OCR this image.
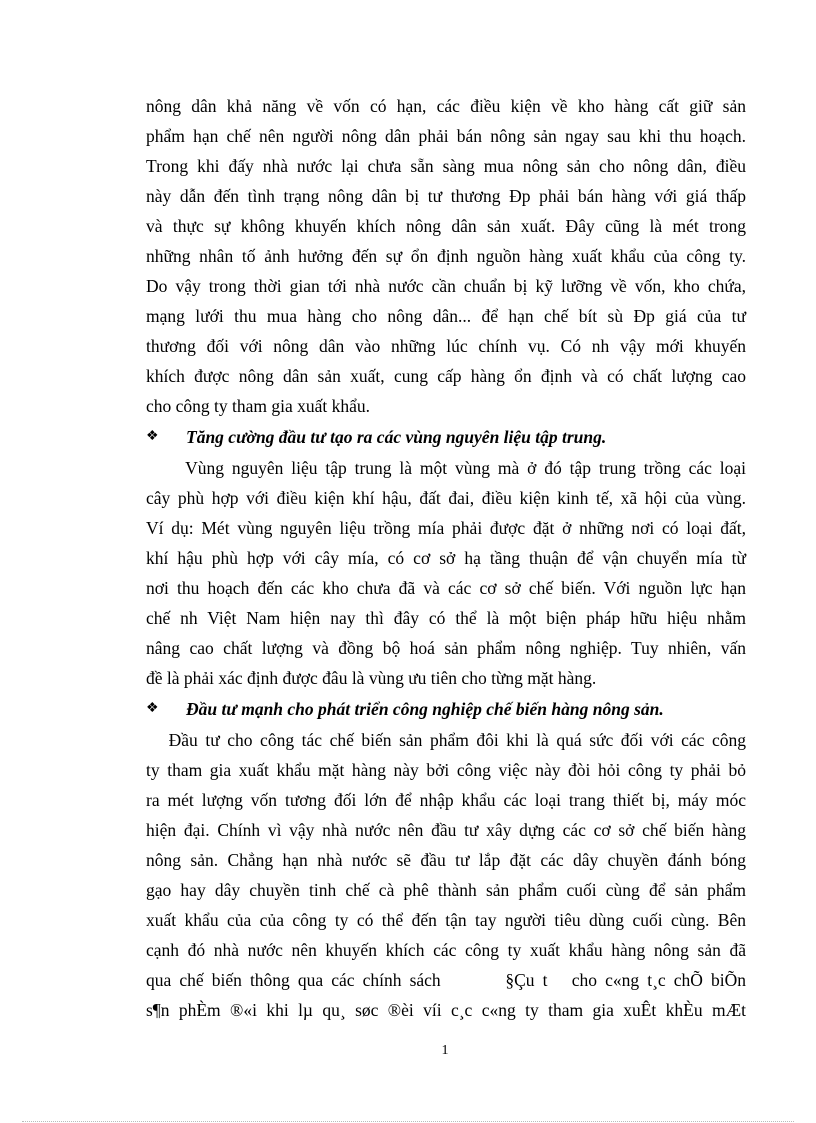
nông dân khả năng về vốn có hạn, các điều kiện về kho hàng cất giữ sản
phẩm hạn chế nên người nông dân phải bán nông sản ngay sau khi thu hoạch.
Trong khi đấy nhà nước lại chưa sẵn sàng mua nông sản cho nông dân, điều
này dẫn đến tình trạng nông dân bị tư thương Ðp phải bán hàng với giá thấp
và thực sự không khuyến khích nông dân sản xuất. Đây cũng là mét trong
những nhân tố ảnh hưởng đến sự ổn định nguồn hàng xuất khẩu của công ty.
Do vậy trong thời gian tới nhà nước cần chuẩn bị kỹ lưỡng về vốn, kho chứa,
mạng lưới thu mua hàng cho nông dân... để hạn chế bít sù Ðp giá của tư
thương đối với nông dân vào những lúc chính vụ. Có nh vậy mới khuyến
khích được nông dân sản xuất, cung cấp hàng ổn định và có chất lượng cao
cho công ty tham gia xuất khẩu.
❖ Tăng cường đầu tư tạo ra các vùng nguyên liệu tập trung.
Vùng nguyên liệu tập trung là một vùng mà ở đó tập trung trồng các loại
cây phù hợp với điều kiện khí hậu, đất đai, điều kiện kinh tế, xã hội của vùng.
Ví dụ: Mét vùng nguyên liệu trồng mía phải được đặt ở những nơi có loại đất,
khí hậu phù hợp với cây mía, có cơ sở hạ tầng thuận để vận chuyển mía từ
nơi thu hoạch đến các kho chưa đã và các cơ sở chế biến. Với nguồn lực hạn
chế nh Việt Nam hiện nay thì đây có thể là một biện pháp hữu hiệu nhằm
nâng cao chất lượng và đồng bộ hoá sản phẩm nông nghiệp. Tuy nhiên, vấn
đề là phải xác định được đâu là vùng ưu tiên cho từng mặt hàng.
❖ Đầu tư mạnh cho phát triển công nghiệp chế biến hàng nông sản.
Đầu tư cho công tác chế biến sản phẩm đôi khi là quá sức đối với các công
ty tham gia xuất khẩu mặt hàng này bởi công việc này đòi hỏi công ty phải bỏ
ra mét lượng vốn tương đối lớn để nhập khẩu các loại trang thiết bị, máy móc
hiện đại. Chính vì vậy nhà nước nên đầu tư xây dựng các cơ sở chế biến hàng
nông sản. Chẳng hạn nhà nước sẽ đầu tư lắp đặt các dây chuyền đánh bóng
gạo hay dây chuyền tinh chế cà phê thành sản phẩm cuối cùng để sản phẩm
xuất khẩu của của công ty có thể đến tận tay người tiêu dùng cuối cùng. Bên
cạnh đó nhà nước nên khuyến khích các công ty xuất khẩu hàng nông sản đã
qua chế biến thông qua các chính sách        §Çu t   cho c«ng t¸c chÕ biÕn
s¶n phÈm ®«i khi lµ qu¸ søc ®èi víi c¸c c«ng ty tham gia xuÊt khÈu mÆt
1
